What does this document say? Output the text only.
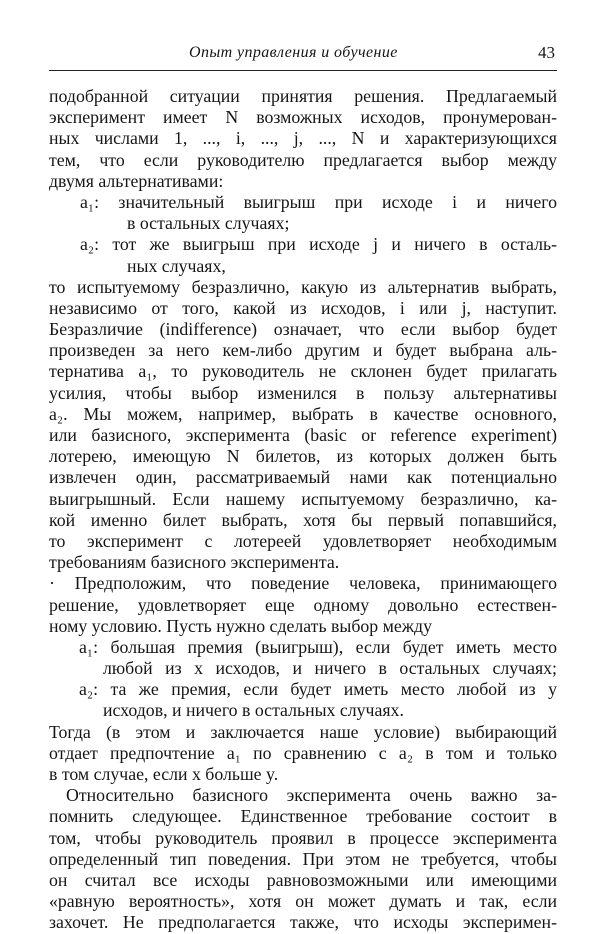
Опыт управления и обучение	43
подобранной ситуации принятия решения. Предлагаемый
эксперимент имеет N возможных исходов, пронумерован-
ных числами 1, ..., i, ..., j, ..., N и характеризующихся
тем, что если руководителю предлагается выбор между
двумя альтернативами:
a₁: значительный выигрыш при исходе i и ничего
в остальных случаях;
a₂: тот же выигрыш при исходе j и ничего в осталь-
ных случаях,
то испытуемому безразлично, какую из альтернатив выбрать,
независимо от того, какой из исходов, i или j, наступит.
Безразличие (indifference) означает, что если выбор будет
произведен за него кем-либо другим и будет выбрана аль-
тернатива a₁, то руководитель не склонен будет прилагать
усилия, чтобы выбор изменился в пользу альтернативы
a₂. Мы можем, например, выбрать в качестве основного,
или базисного, эксперимента (basic or reference experiment)
лотерею, имеющую N билетов, из которых должен быть
извлечен один, рассматриваемый нами как потенциально
выигрышный. Если нашему испытуемому безразлично, ка-
кой именно билет выбрать, хотя бы первый попавшийся,
то эксперимент с лотереей удовлетворяет необходимым
требованиям базисного эксперимента.
· Предположим, что поведение человека, принимающего
решение, удовлетворяет еще одному довольно естествен-
ному условию. Пусть нужно сделать выбор между
a₁: большая премия (выигрыш), если будет иметь место
любой из x исходов, и ничего в остальных случаях;
a₂: та же премия, если будет иметь место любой из y
исходов, и ничего в остальных случаях.
Тогда (в этом и заключается наше условие) выбирающий
отдает предпочтение a₁ по сравнению с a₂ в том и только
в том случае, если x больше y.
Относительно базисного эксперимента очень важно за-
помнить следующее. Единственное требование состоит в
том, чтобы руководитель проявил в процессе эксперимента
определенный тип поведения. При этом не требуется, чтобы
он считал все исходы равновозможными или имеющими
«равную вероятность», хотя он может думать и так, если
захочет. Не предполагается также, что исходы эксперимен-
